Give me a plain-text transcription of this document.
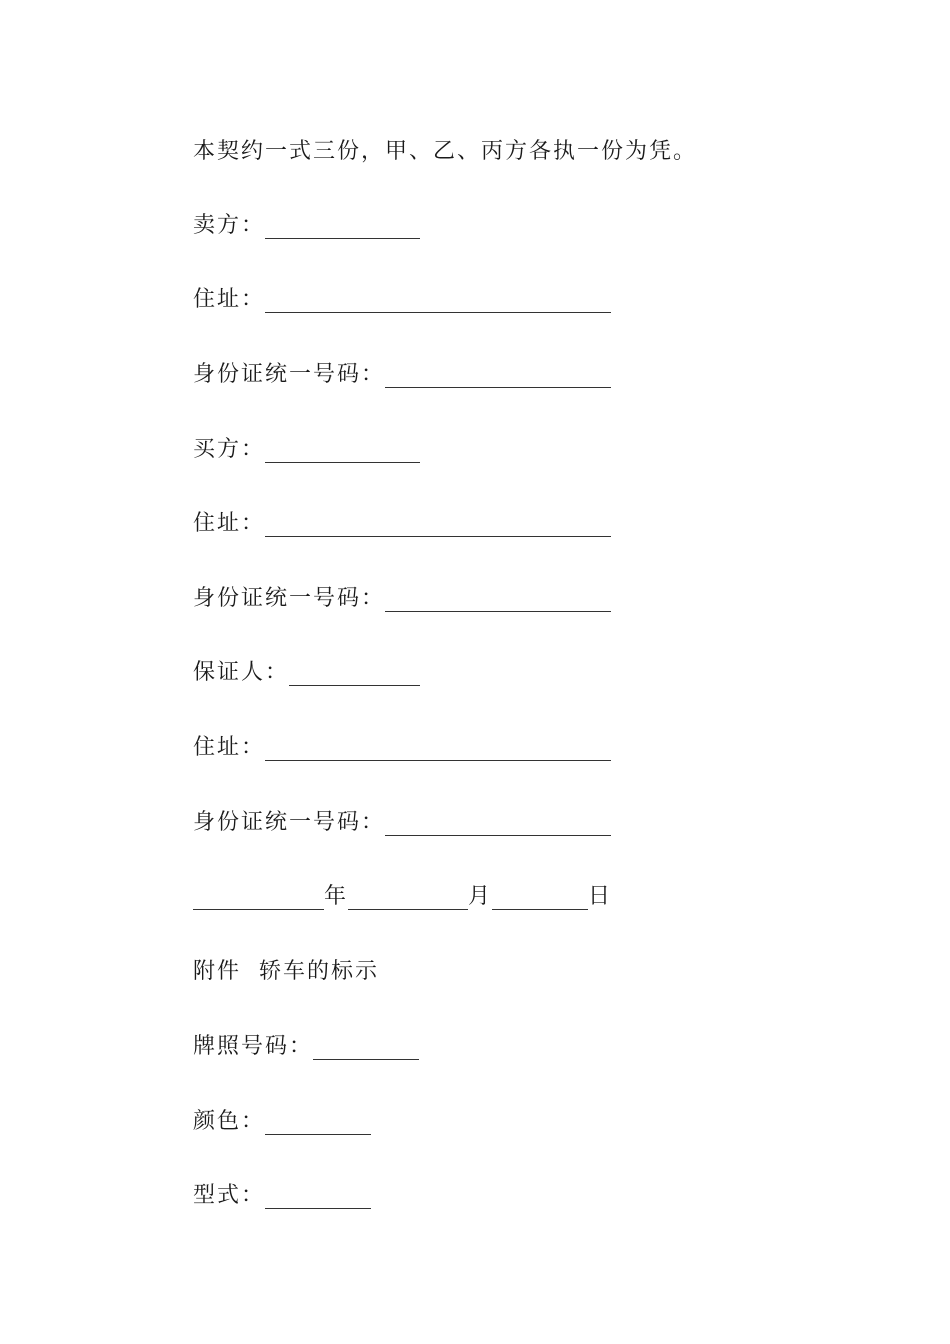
本契约一式三份，甲、乙、丙方各执一份为凭。
卖方：
住址：
身份证统一号码：
买方：
住址：
身份证统一号码：
保证人：
住址：
身份证统一号码：
年	月	日
附件  轿车的标示
牌照号码：
颜色：
型式：
